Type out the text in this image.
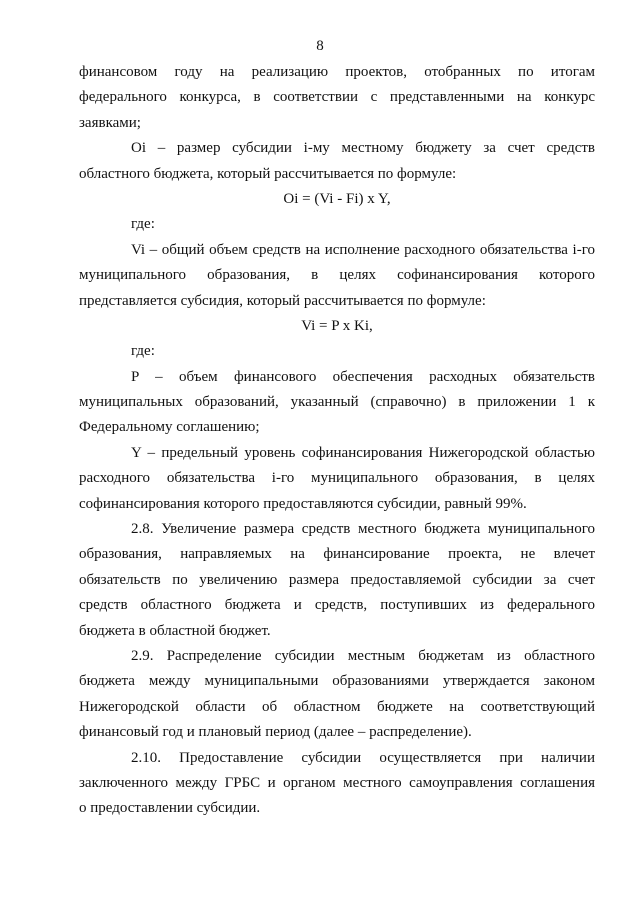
8
финансовом году на реализацию проектов, отобранных по итогам
федерального конкурса, в соответствии с представленными на конкурс
заявками;
Oi – размер субсидии i-му местному бюджету за счет средств
областного бюджета, который рассчитывается по формуле:
Oi = (Vi - Fi) x Y,
где:
Vi – общий объем средств на исполнение расходного обязательства i-го
муниципального образования, в целях софинансирования которого
представляется субсидия, который рассчитывается по формуле:
Vi = P x Ki,
где:
P – объем финансового обеспечения расходных обязательств
муниципальных образований, указанный (справочно) в приложении 1 к
Федеральному соглашению;
Y – предельный уровень софинансирования Нижегородской областью
расходного обязательства i-го муниципального образования, в целях
софинансирования которого предоставляются субсидии, равный 99%.
2.8. Увеличение размера средств местного бюджета муниципального
образования, направляемых на финансирование проекта, не влечет
обязательств по увеличению размера предоставляемой субсидии за счет
средств областного бюджета и средств, поступивших из федерального
бюджета в областной бюджет.
2.9. Распределение субсидии местным бюджетам из областного
бюджета между муниципальными образованиями утверждается законом
Нижегородской области об областном бюджете на соответствующий
финансовый год и плановый период (далее – распределение).
2.10. Предоставление субсидии осуществляется при наличии
заключенного между ГРБС и органом местного самоуправления соглашения
о предоставлении субсидии.
